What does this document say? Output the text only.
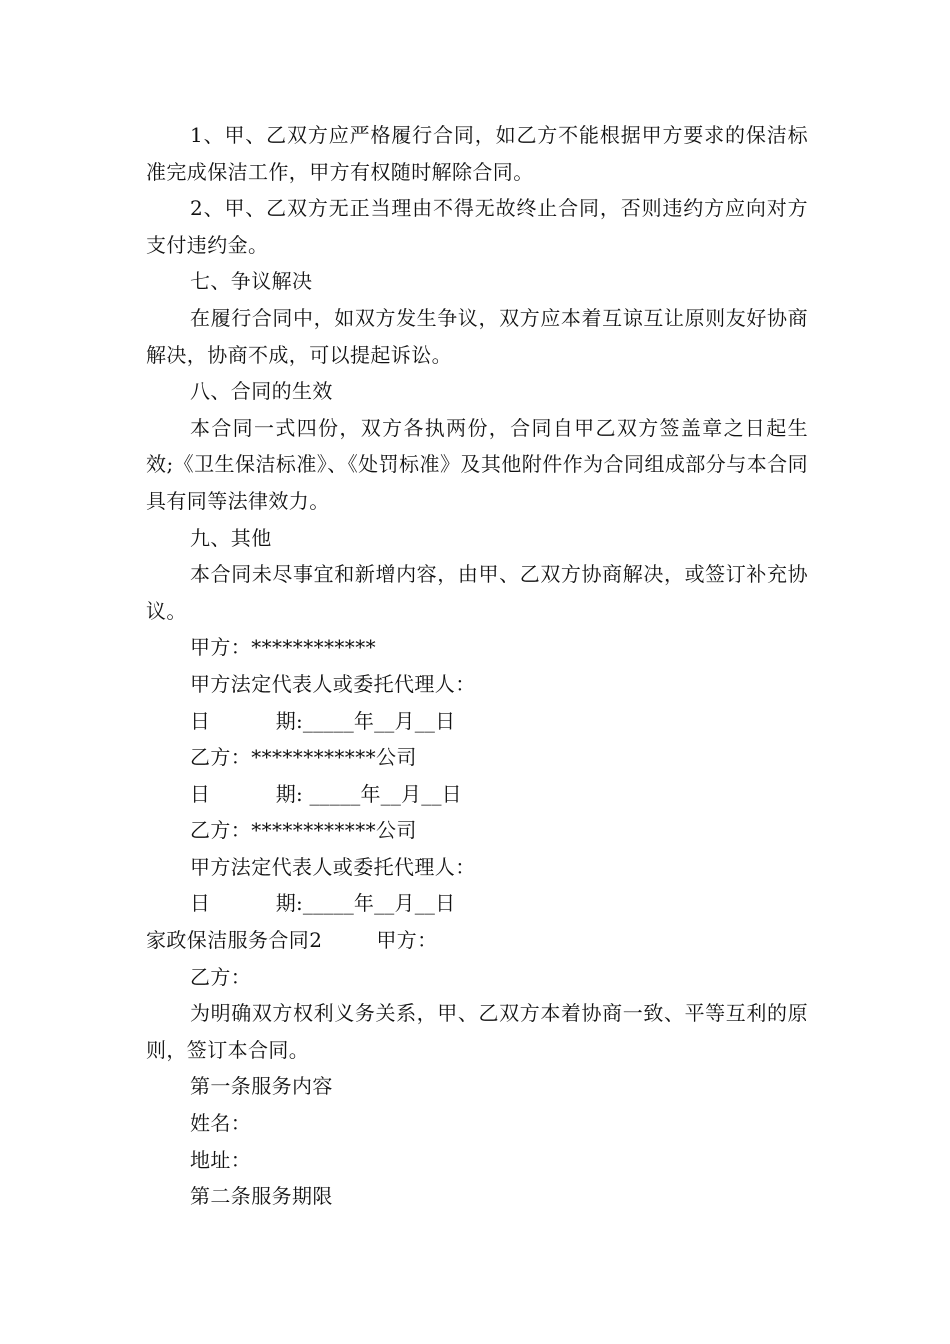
1、甲、乙双方应严格履行合同，如乙方不能根据甲方要求的保洁标准完成保洁工作，甲方有权随时解除合同。

2、甲、乙双方无正当理由不得无故终止合同，否则违约方应向对方支付违约金。

七、争议解决

在履行合同中，如双方发生争议，双方应本着互谅互让原则友好协商解决，协商不成，可以提起诉讼。

八、合同的生效

本合同一式四份，双方各执两份，合同自甲乙双方签盖章之日起生效;《卫生保洁标准》、《处罚标准》及其他附件作为合同组成部分与本合同具有同等法律效力。

九、其他

本合同未尽事宜和新增内容，由甲、乙双方协商解决，或签订补充协议。

甲方：************

甲方法定代表人或委托代理人：

日          期:_____年__月__日

乙方：************公司

日          期: _____年__月__日

乙方：************公司

甲方法定代表人或委托代理人：

日          期:_____年__月__日

家政保洁服务合同2        甲方：

乙方：

为明确双方权利义务关系，甲、乙双方本着协商一致、平等互利的原则，签订本合同。

第一条服务内容

姓名：

地址：

第二条服务期限
